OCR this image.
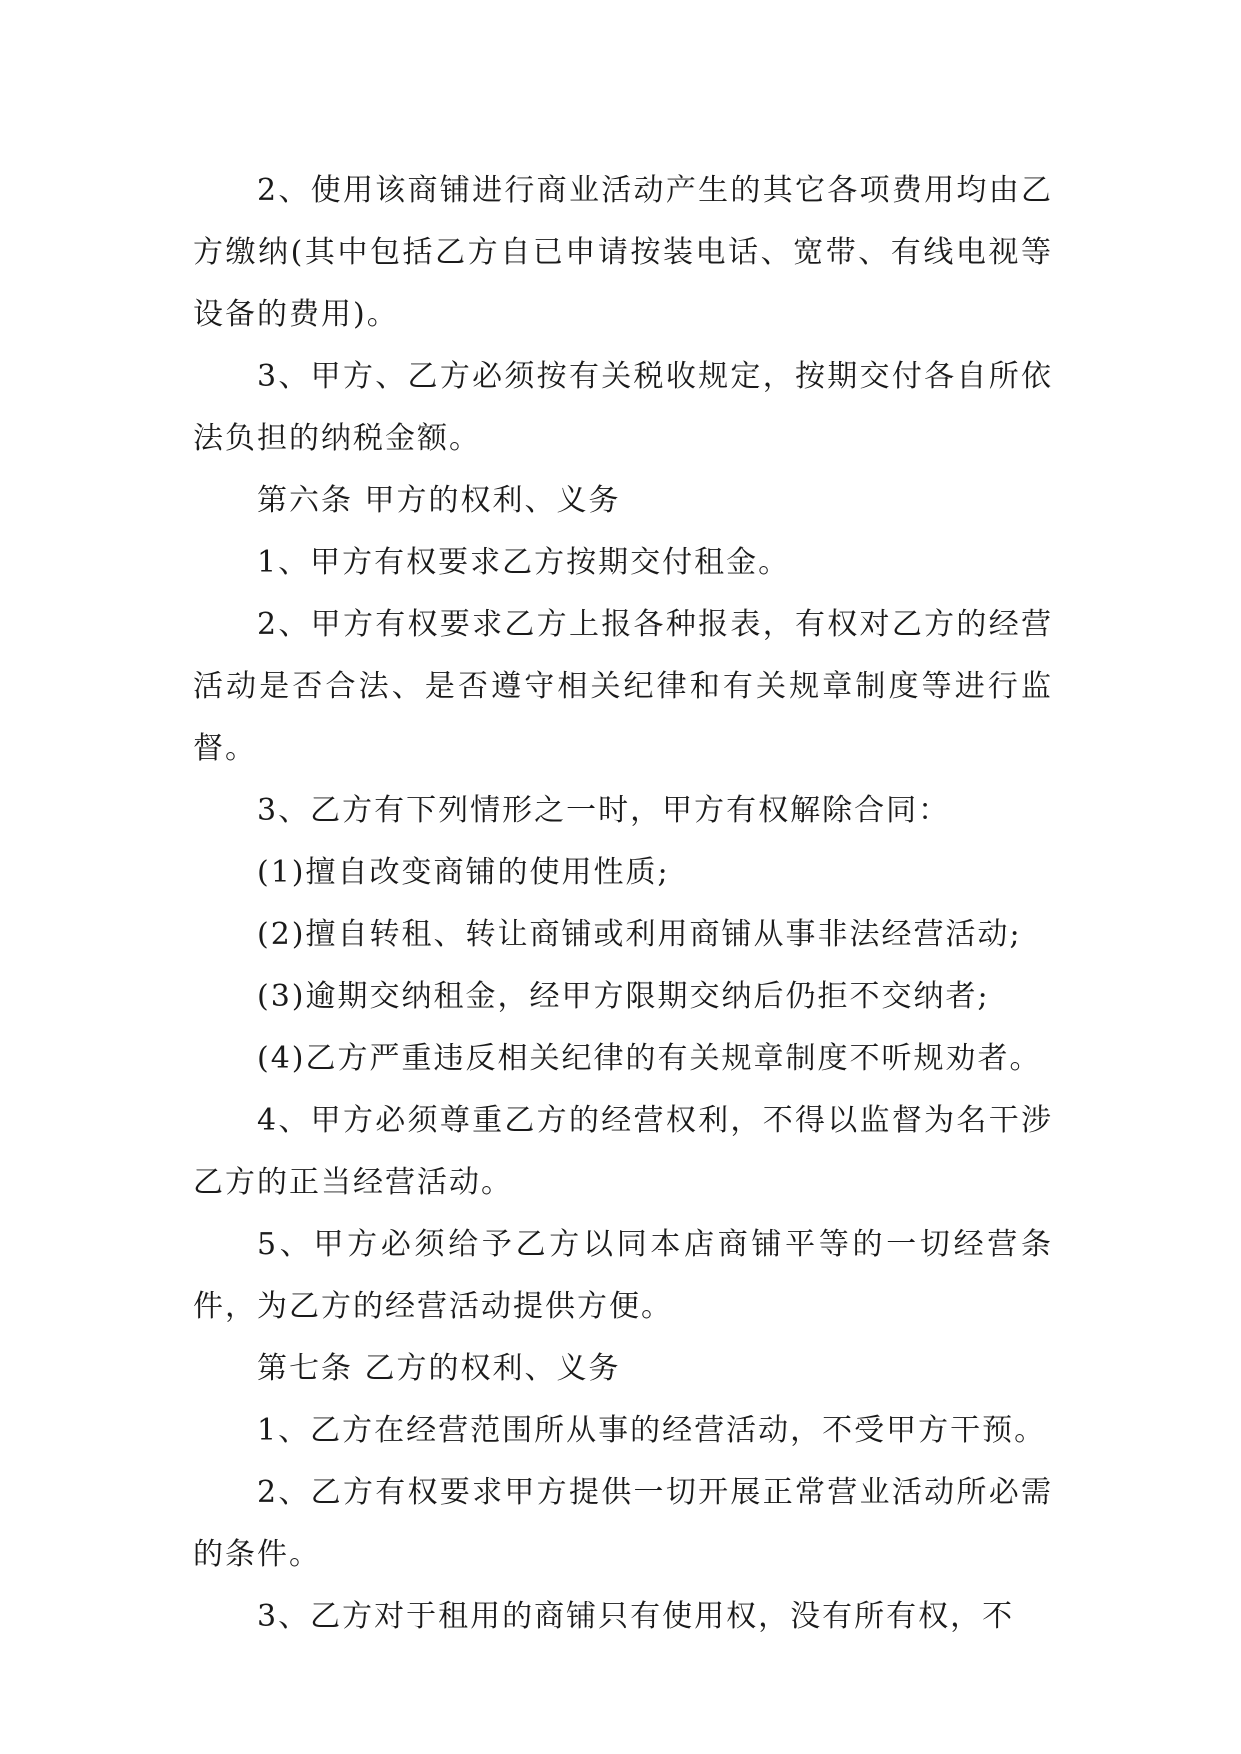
2、使用该商铺进行商业活动产生的其它各项费用均由乙方缴纳(其中包括乙方自已申请按装电话、宽带、有线电视等设备的费用)。

3、甲方、乙方必须按有关税收规定，按期交付各自所依法负担的纳税金额。

第六条 甲方的权利、义务

1、甲方有权要求乙方按期交付租金。

2、甲方有权要求乙方上报各种报表，有权对乙方的经营活动是否合法、是否遵守相关纪律和有关规章制度等进行监督。

3、乙方有下列情形之一时，甲方有权解除合同：

(1)擅自改变商铺的使用性质;

(2)擅自转租、转让商铺或利用商铺从事非法经营活动;

(3)逾期交纳租金，经甲方限期交纳后仍拒不交纳者;

(4)乙方严重违反相关纪律的有关规章制度不听规劝者。

4、甲方必须尊重乙方的经营权利，不得以监督为名干涉乙方的正当经营活动。

5、甲方必须给予乙方以同本店商铺平等的一切经营条件，为乙方的经营活动提供方便。

第七条 乙方的权利、义务

1、乙方在经营范围所从事的经营活动，不受甲方干预。

2、乙方有权要求甲方提供一切开展正常营业活动所必需的条件。

3、乙方对于租用的商铺只有使用权，没有所有权，不
